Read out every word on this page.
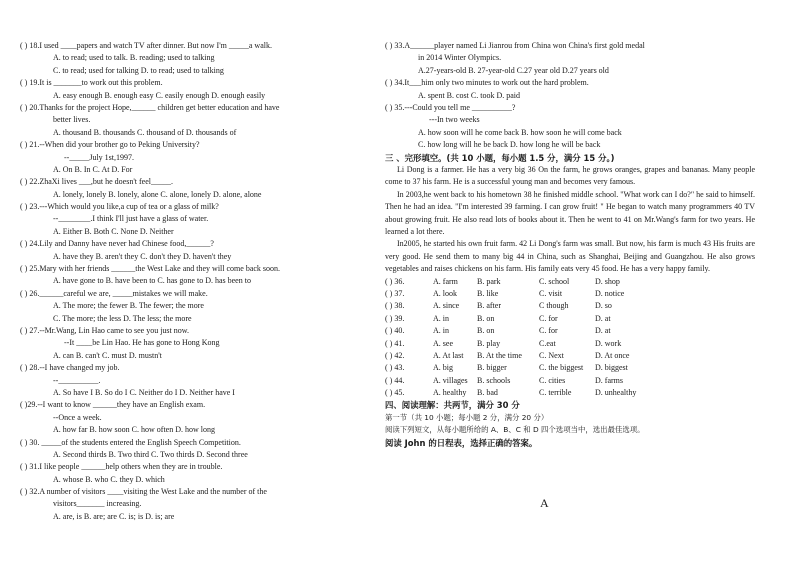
( ) 18.I used ____papers and watch TV after dinner. But now I'm _____a walk.
A. to read; used to talk. B. reading; used to talking
C. to read; used for talking D. to read; used to talking
( ) 19.It is _______to work out this problem.
A. easy enough B. enough easy C. easily enough D. enough easily
( ) 20.Thanks for the project Hope,______ children get better education and have
better lives.
A. thousand B. thousands C. thousand of D. thousands of
( ) 21.--When did your brother go to Peking University?
--_____July 1st,1997.
A. On B. In C. At D. For
( ) 22.ZhaXi lives ___,but he doesn't feel_____.
A. lonely, lonely B. lonely, alone C. alone, lonely D. alone, alone
( ) 23.---Which would you like,a cup of tea or a glass of milk?
--________.I think I'll just have a glass of water.
A. Either B. Both C. None D. Neither
( ) 24.Lily and Danny have never had Chinese food,______?
A. have they B. aren't they C. don't they D. haven't they
( ) 25.Mary with her friends ______the West Lake and they will come back soon.
A. have gone to B. have been to C. has gone to D. has been to
( ) 26.______careful we are, _____mistakes we will make.
A. The more; the fewer B. The fewer; the more
C. The more; the less D. The less; the more
( ) 27.--Mr.Wang, Lin Hao came to see you just now.
--It ____be Lin Hao. He has gone to Hong Kong
A. can B. can't C. must D. mustn't
( ) 28.--I have changed my job.
--__________.
A. So have I B. So do I C. Neither do I D. Neither have I
( )29.--I want to know ______they have an English exam.
--Once a week.
A. how far B. how soon C. how often D. how long
( ) 30. _____of the students entered the English Speech Competition.
A. Second thirds B. Two third C. Two thirds D. Second three
( ) 31.I like people ______help others when they are in trouble.
A. whose B. who C. they D. which
( ) 32.A number of visitors ____visiting the West Lake and the number of the
visitors_______ increasing.
A. are, is B. are; are C. is; is D. is; are
( ) 33.A______player named Li Jianrou from China won China's first gold medal
in 2014 Winter Olympics.
A.27-years-old B. 27-year-old C.27 year old D.27 years old
( ) 34.It___him only two minutes to work out the hard problem.
A. spent B. cost C. took D. paid
( ) 35.---Could you tell me __________?
---In two weeks
A. how soon will he come back B. how soon he will come back
C. how long will he be back D. how long he will be back
三 、完形填空。(共 10 小题，每小题 1.5 分，满分 15 分。)
Li Dong is a farmer. He has a very big 36 On the farm, he grows oranges, grapes and bananas. Many people come to 37 his farm. He is a successful young man and becomes very famous.
In 2003,he went back to his hometown 38 he finished middle school. "What work can I do?" he said to himself. Then he had an idea. "I'm interested 39 farming. I can grow fruit! " He began to watch many programmers 40 TV about growing fruit. He also read lots of books about it. Then he went to 41 on Mr.Wang's farm for two years. He learned a lot there.
In2005, he started his own fruit farm. 42 Li Dong's farm was small. But now, his farm is much 43 His fruits are very good. He send them to many big 44 in China, such as Shanghai, Beijing and Guangzhou. He also grows vegetables and raises chickens on his farm. His family eats very 45 food. He has a very happy family.
( ) 36.	A. farm	B. park	C. school	D. shop
( ) 37.	A. look	B. like	C. visit	D. notice
( ) 38.	A. since	B. after	C though	D. so
( ) 39.	A. in	B. on	C. for	D. at
( ) 40.	A. in	B. on	C. for	D. at
( ) 41.	A. see	B. play	C.eat	D. work
( ) 42.	A. At last	B. At the time	C. Next	D. At once
( ) 43.	A. big	B. bigger	C. the biggest	D. biggest
( ) 44.	A. villages	B. schools	C. cities	D. farms
( ) 45.	A. healthy	B. bad	C. terrible	D. unhealthy
四、阅读理解：共两节，满分 30 分
第一节（共 10 小题；每小题 2 分，满分 20 分）
阅读下列短文，从每小题所给的 A、B、C 和 D 四个选项当中，选出最佳选项。
阅读 John 的日程表，选择正确的答案。
A
